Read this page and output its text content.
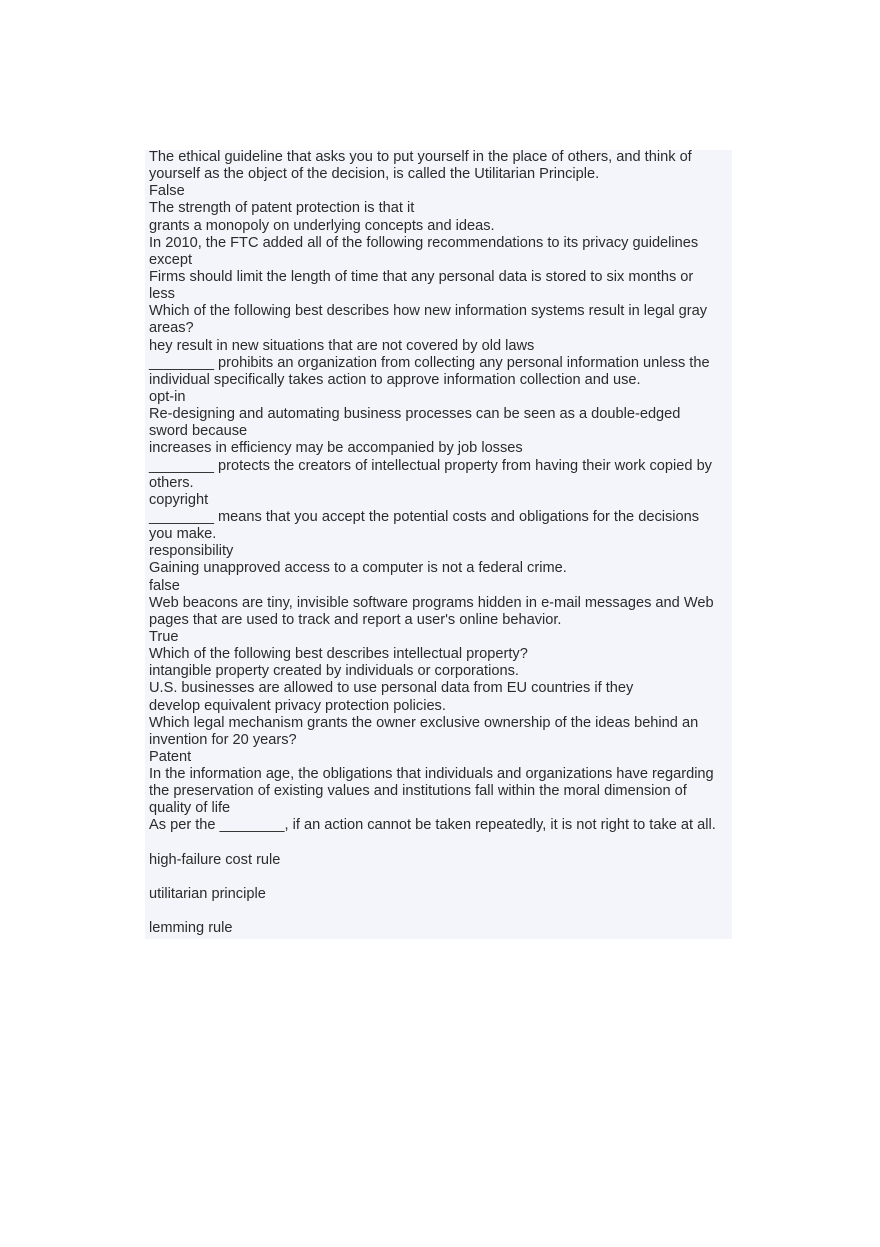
The ethical guideline that asks you to put yourself in the place of others, and think of
yourself as the object of the decision, is called the Utilitarian Principle.
False
The strength of patent protection is that it
grants a monopoly on underlying concepts and ideas.
In 2010, the FTC added all of the following recommendations to its privacy guidelines
except
Firms should limit the length of time that any personal data is stored to six months or
less
Which of the following best describes how new information systems result in legal gray
areas?
hey result in new situations that are not covered by old laws
________ prohibits an organization from collecting any personal information unless the
individual specifically takes action to approve information collection and use.
opt-in
Re-designing and automating business processes can be seen as a double-edged
sword because
increases in efficiency may be accompanied by job losses
________ protects the creators of intellectual property from having their work copied by
others.
copyright
________ means that you accept the potential costs and obligations for the decisions
you make.
responsibility
Gaining unapproved access to a computer is not a federal crime.
false
Web beacons are tiny, invisible software programs hidden in e-mail messages and Web
pages that are used to track and report a user's online behavior.
True
Which of the following best describes intellectual property?
intangible property created by individuals or corporations.
U.S. businesses are allowed to use personal data from EU countries if they
develop equivalent privacy protection policies.
Which legal mechanism grants the owner exclusive ownership of the ideas behind an
invention for 20 years?
Patent
In the information age, the obligations that individuals and organizations have regarding
the preservation of existing values and institutions fall within the moral dimension of
quality of life
As per the ________, if an action cannot be taken repeatedly, it is not right to take at all.
high-failure cost rule
utilitarian principle
lemming rule
